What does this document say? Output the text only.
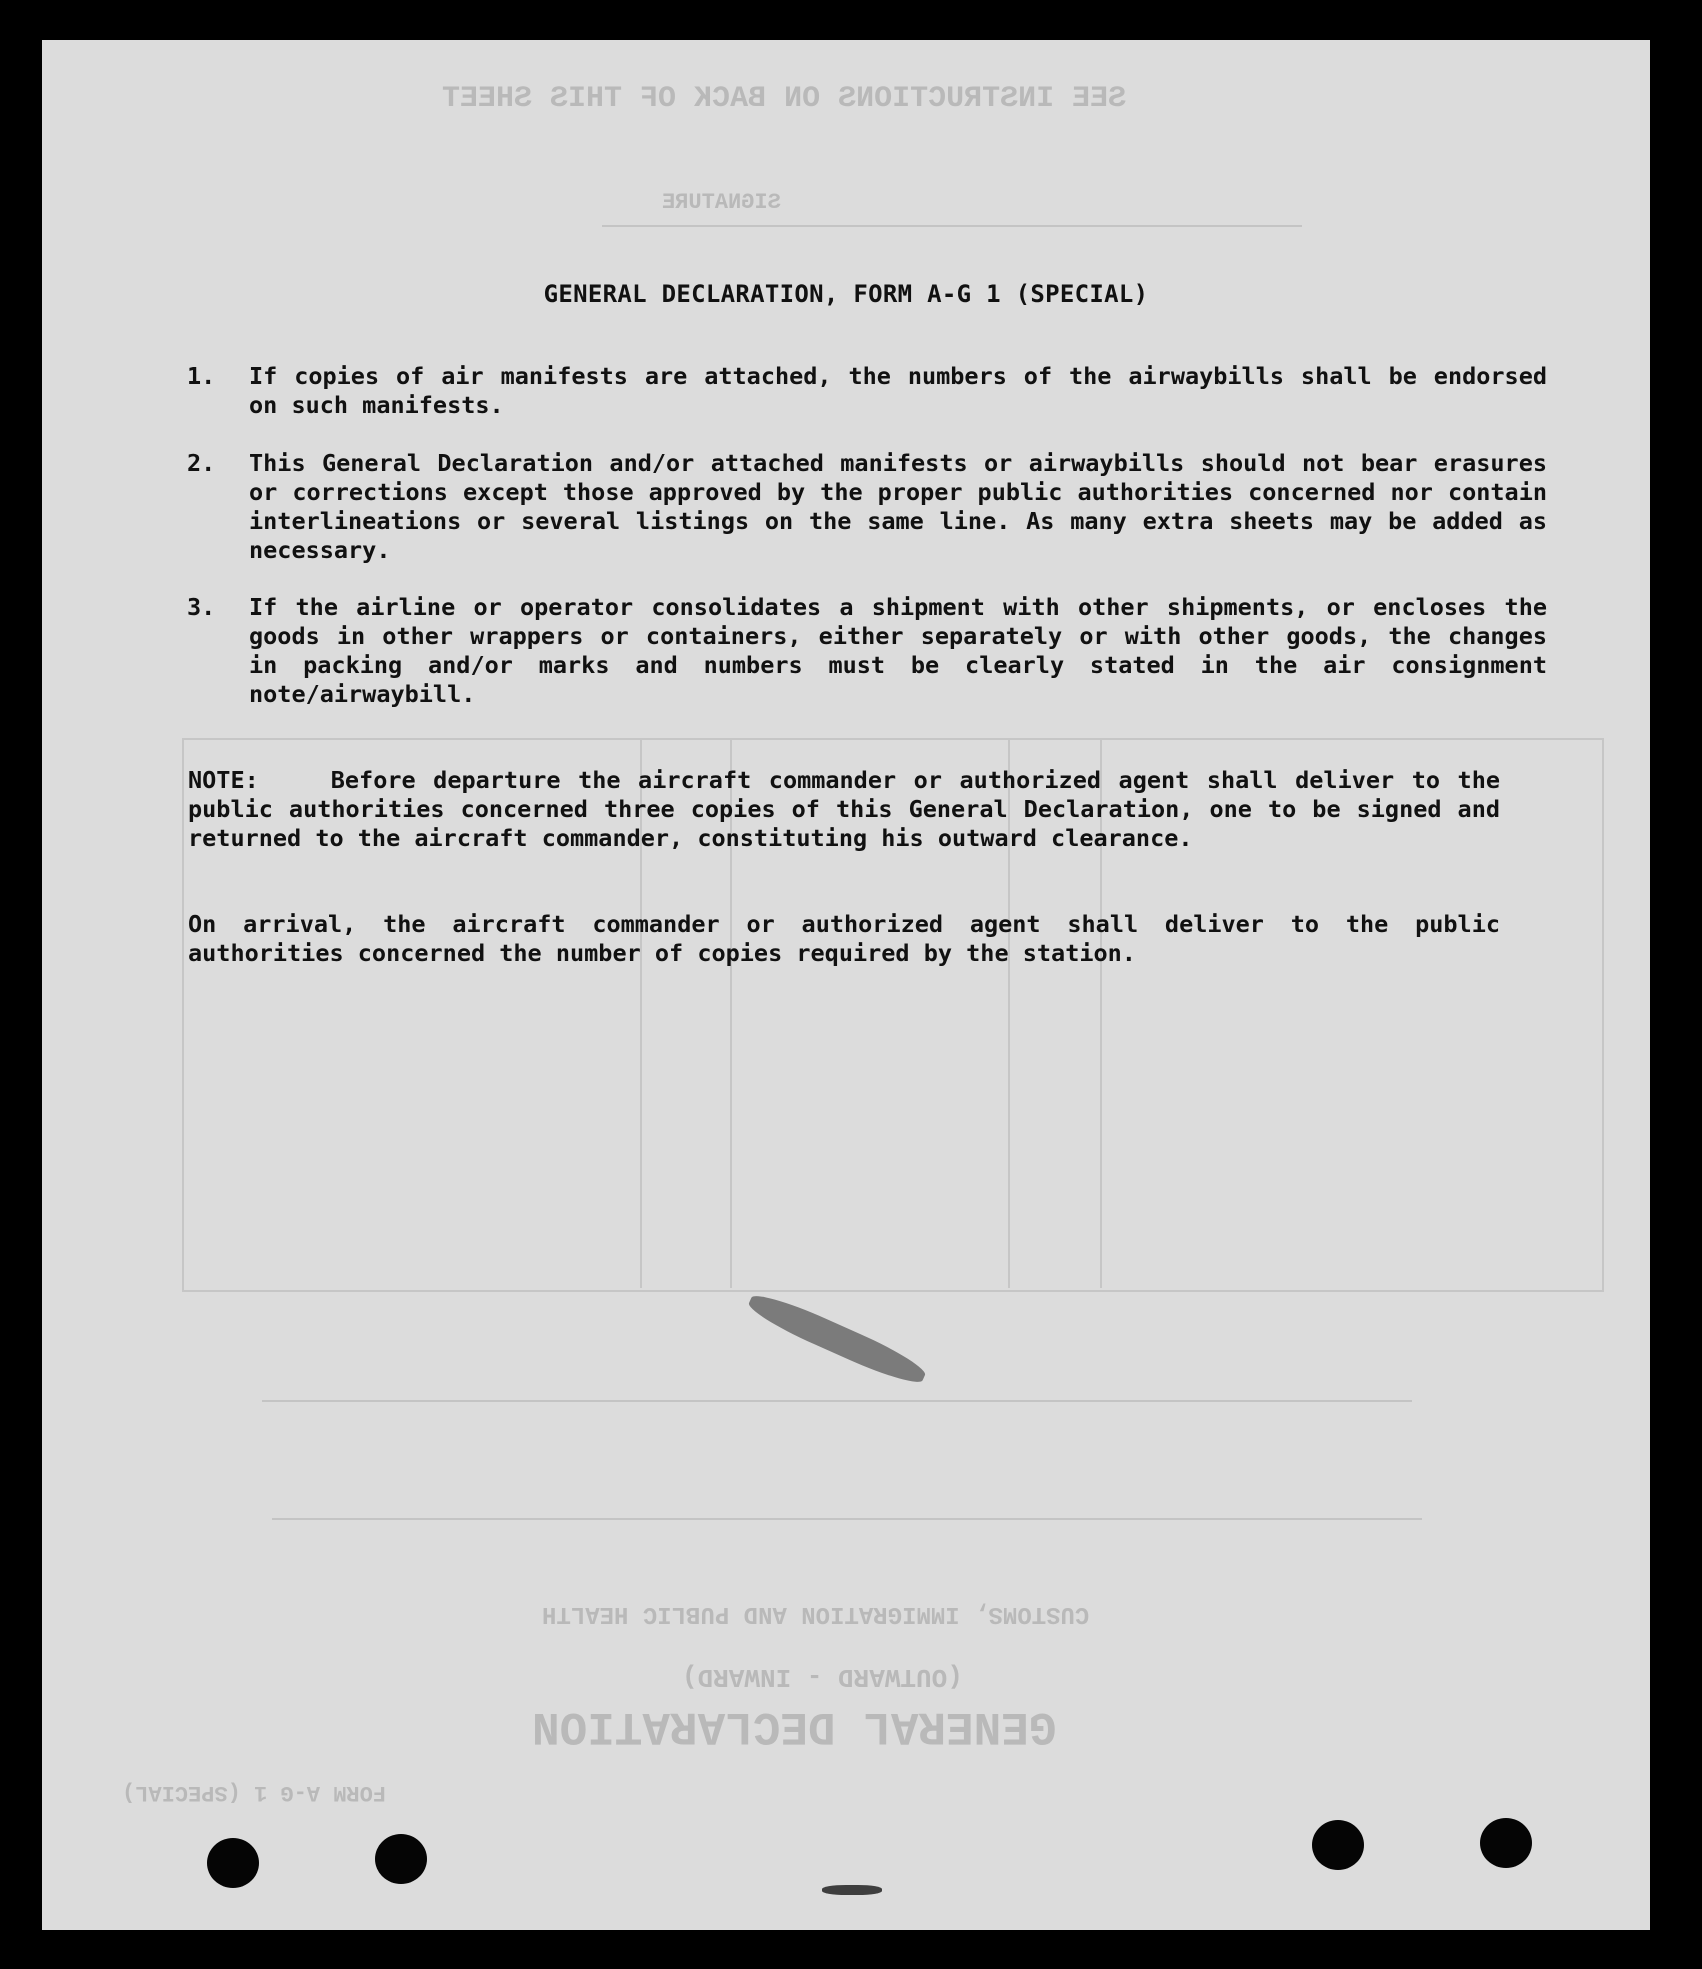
SEE INSTRUCTIONS ON BACK OF THIS SHEET
SIGNATURE
CUSTOMS, IMMIGRATION AND PUBLIC HEALTH
(OUTWARD - INWARD)
GENERAL DECLARATION
FORM A-G 1 (SPECIAL)
GENERAL DECLARATION, FORM A-G 1 (SPECIAL)
1.	If copies of air manifests are attached, the numbers of the airwaybills shall be endorsed on such manifests.
2.	This General Declaration and/or attached manifests or airwaybills should not bear erasures or corrections except those approved by the proper public authorities concerned nor contain interlineations or several listings on the same line. As many extra sheets may be added as necessary.
3.	If the airline or operator consolidates a shipment with other shipments, or encloses the goods in other wrappers or containers, either separately or with other goods, the changes in packing and/or marks and numbers must be clearly stated in the air consignment note/airwaybill.
NOTE:	Before departure the aircraft commander or authorized agent shall deliver to the public authorities concerned three copies of this General Declaration, one to be signed and returned to the aircraft commander, constituting his outward clearance.
On arrival, the aircraft commander or authorized agent shall deliver to the public authorities concerned the number of copies required by the station.
